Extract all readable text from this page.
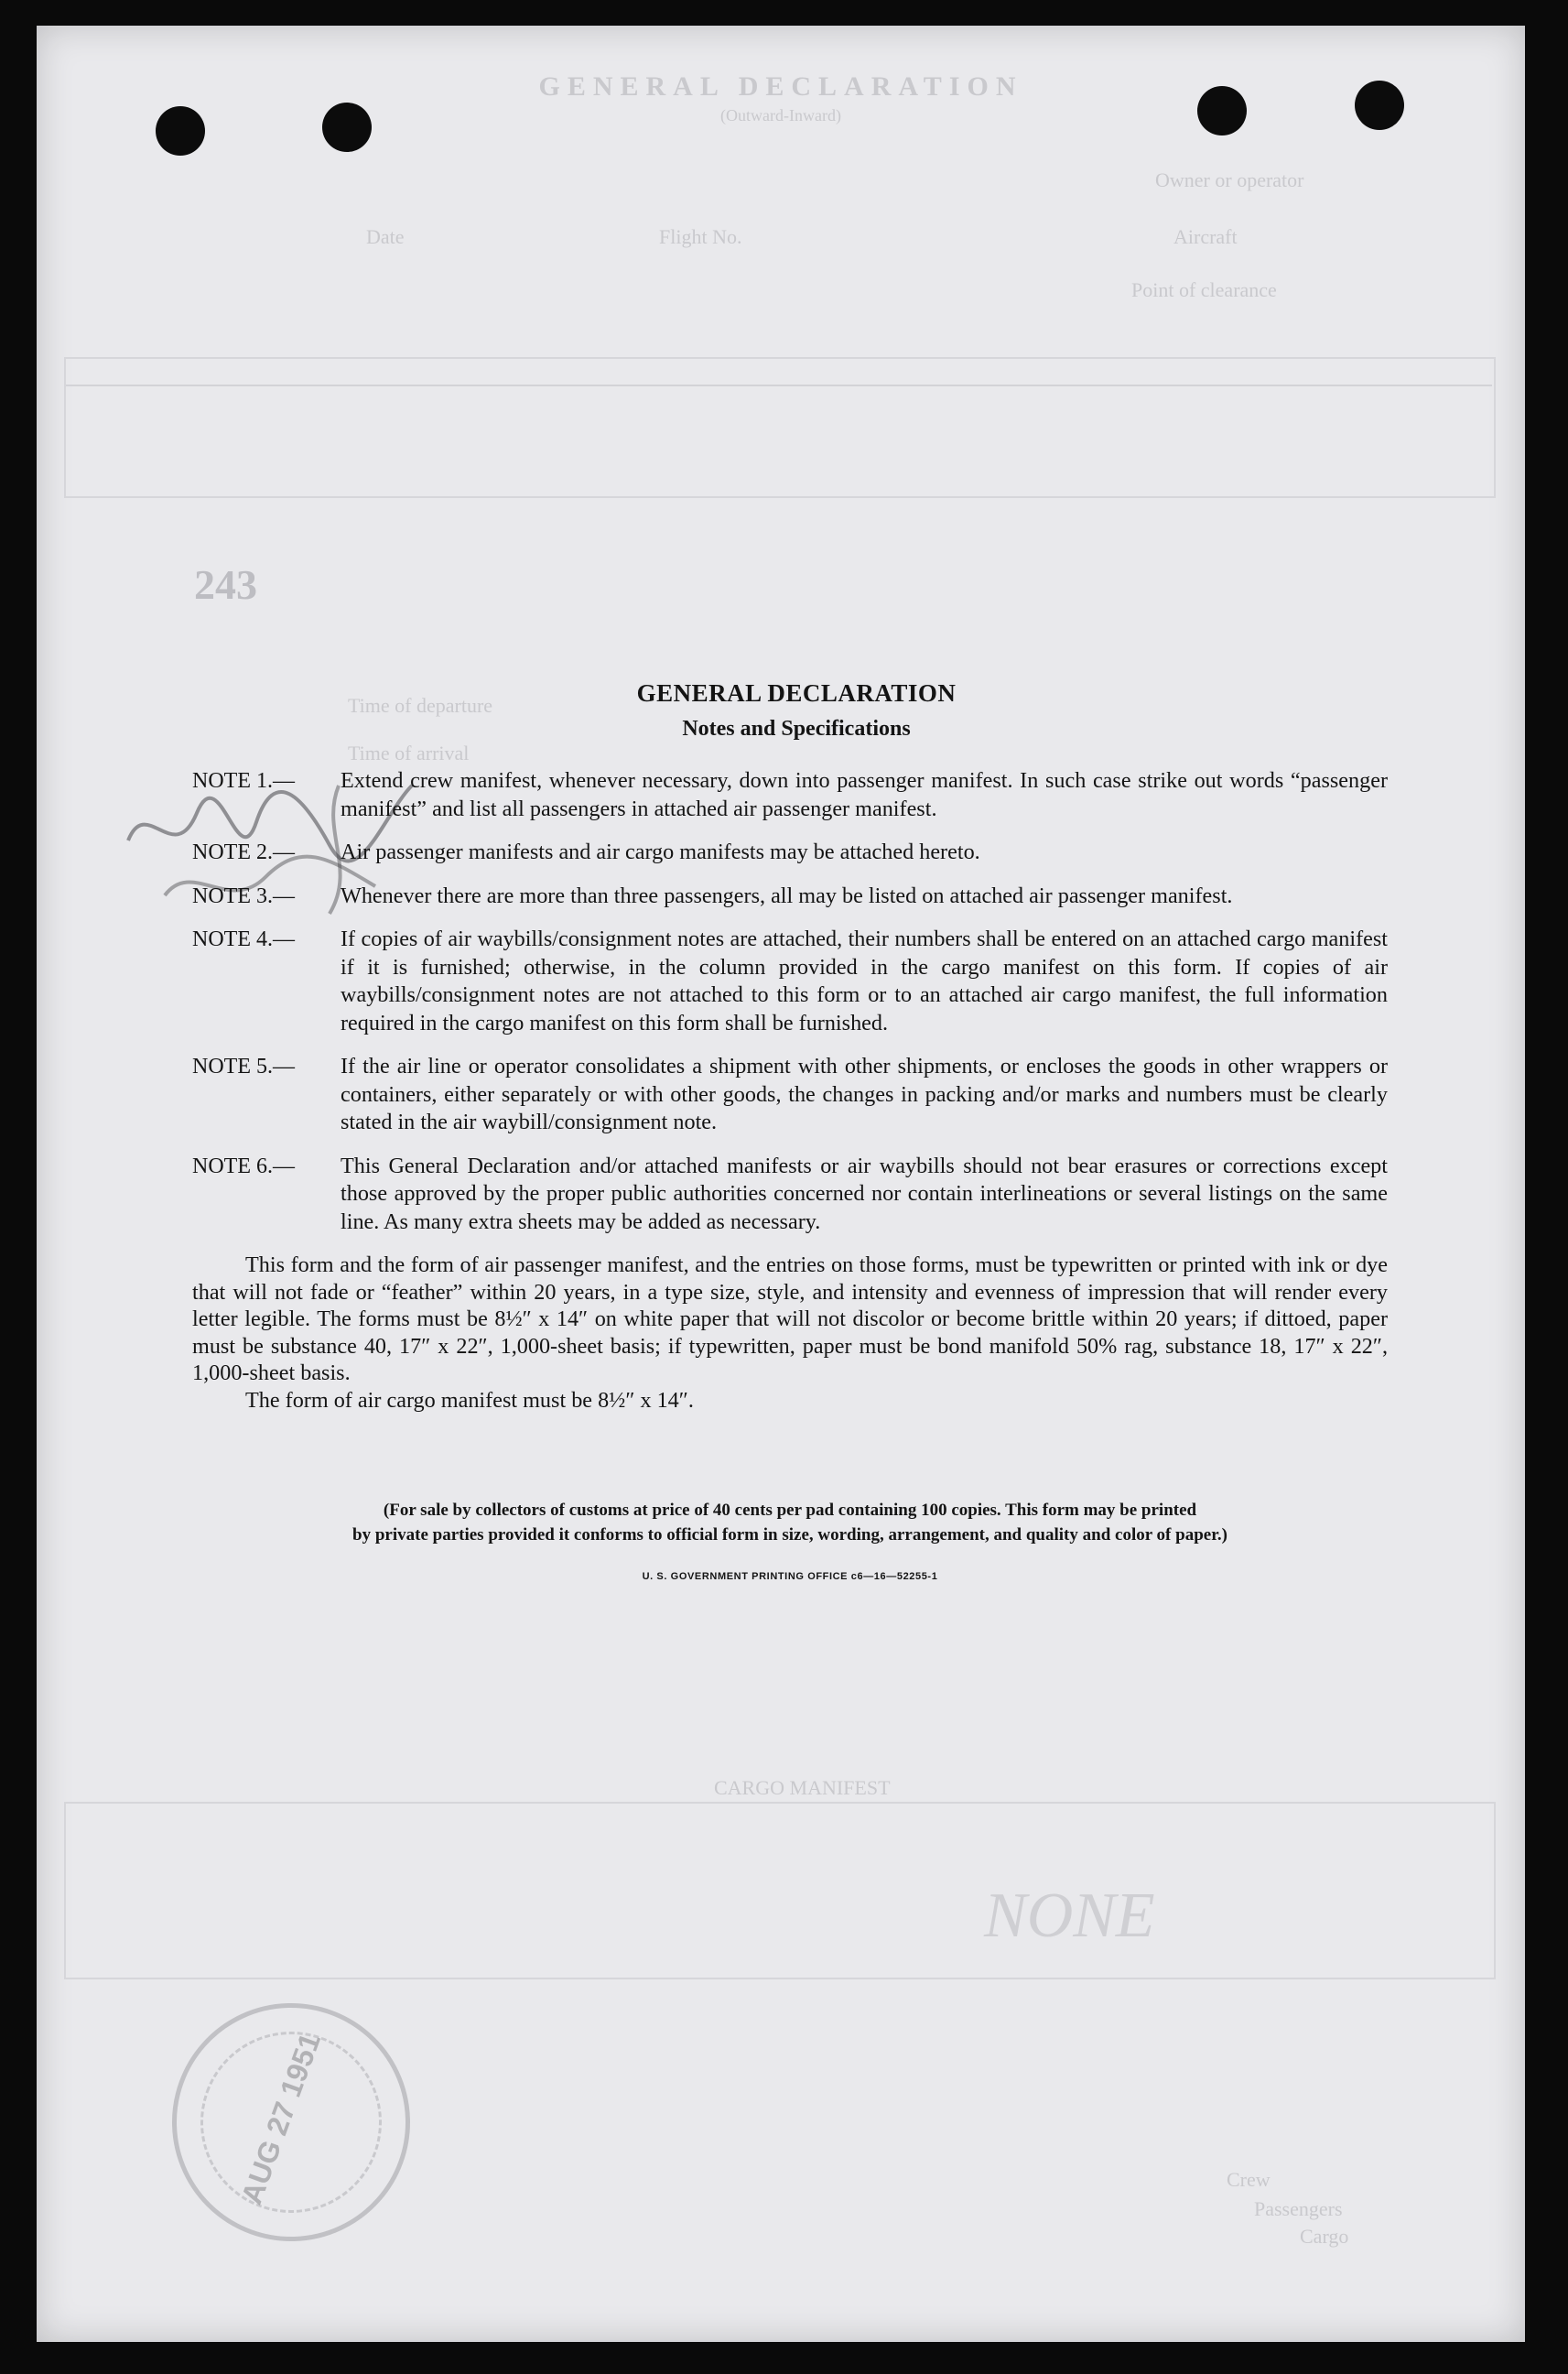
GENERAL DECLARATION
(Outward-Inward)
Owner or operator
Aircraft
Point of clearance
Date	Flight No.
243
Time of departure
Time of arrival
CARGO MANIFEST
NONE
Crew
Passengers
Cargo
AUG 27 1951
GENERAL DECLARATION
Notes and Specifications
NOTE 1.—	Extend crew manifest, whenever necessary, down into passenger manifest. In such case strike out words “passenger manifest” and list all passengers in attached air passenger manifest.
NOTE 2.—	Air passenger manifests and air cargo manifests may be attached hereto.
NOTE 3.—	Whenever there are more than three passengers, all may be listed on attached air passenger manifest.
NOTE 4.—	If copies of air waybills/consignment notes are attached, their numbers shall be entered on an attached cargo manifest if it is furnished; otherwise, in the column provided in the cargo manifest on this form. If copies of air waybills/consignment notes are not attached to this form or to an attached air cargo manifest, the full information required in the cargo manifest on this form shall be furnished.
NOTE 5.—	If the air line or operator consolidates a shipment with other shipments, or encloses the goods in other wrappers or containers, either separately or with other goods, the changes in packing and/or marks and numbers must be clearly stated in the air waybill/consignment note.
NOTE 6.—	This General Declaration and/or attached manifests or air waybills should not bear erasures or corrections except those approved by the proper public authorities concerned nor contain interlineations or several listings on the same line. As many extra sheets may be added as necessary.
This form and the form of air passenger manifest, and the entries on those forms, must be typewritten or printed with ink or dye that will not fade or “feather” within 20 years, in a type size, style, and intensity and evenness of impression that will render every letter legible. The forms must be 8½″ x 14″ on white paper that will not discolor or become brittle within 20 years; if dittoed, paper must be substance 40, 17″ x 22″, 1,000-sheet basis; if typewritten, paper must be bond manifold 50% rag, substance 18, 17″ x 22″, 1,000-sheet basis.
The form of air cargo manifest must be 8½″ x 14″.
(For sale by collectors of customs at price of 40 cents per pad containing 100 copies. This form may be printed
by private parties provided it conforms to official form in size, wording, arrangement, and quality and color of paper.)
U. S. GOVERNMENT PRINTING OFFICE c6—16—52255-1
